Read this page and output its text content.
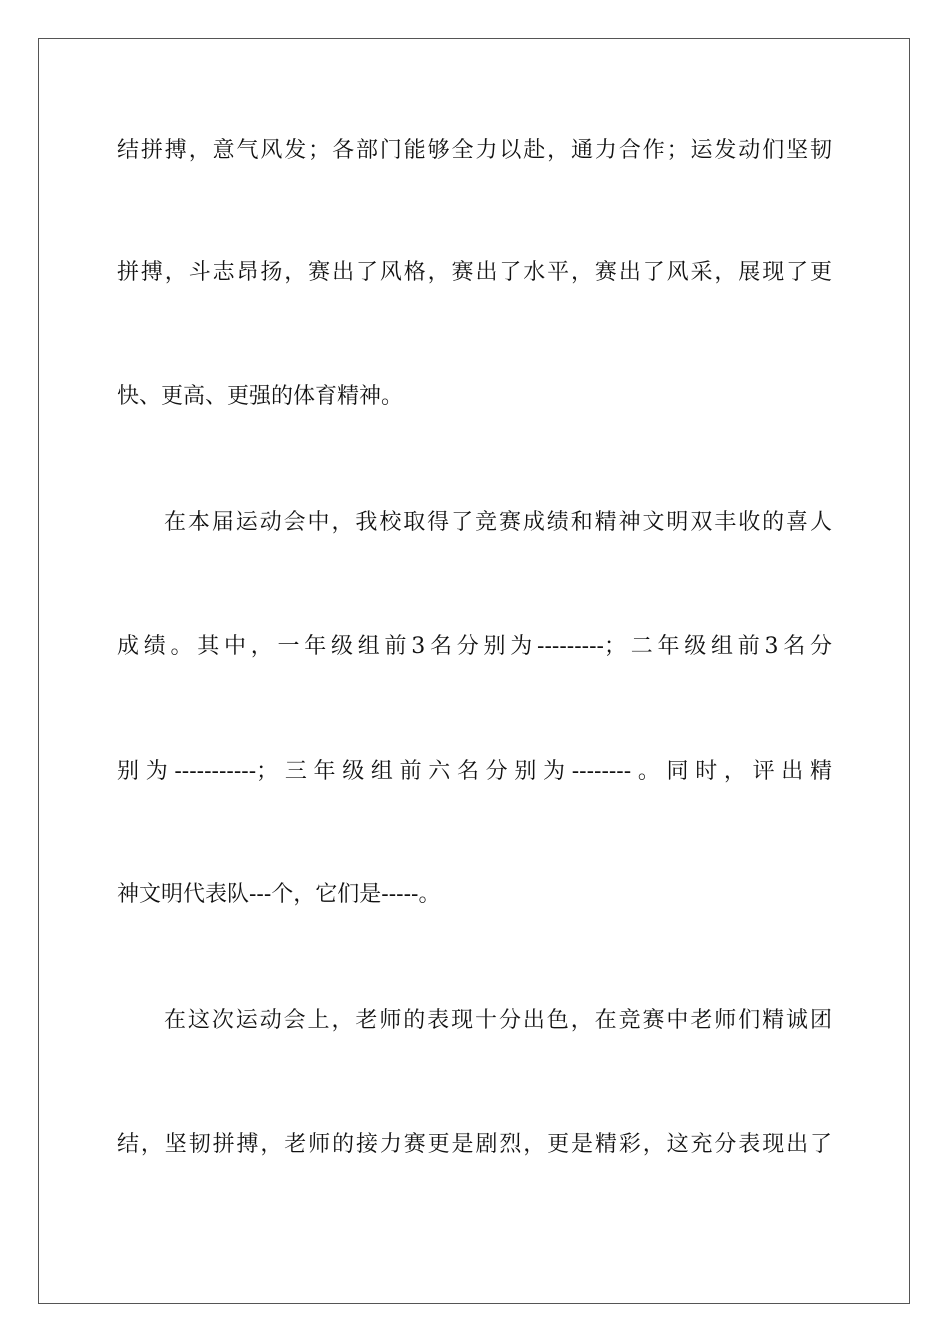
结拼搏，意气风发；各部门能够全力以赴，通力合作；运发动们坚韧
拼搏，斗志昂扬，赛出了风格，赛出了水平，赛出了风采，展现了更
快、更高、更强的体育精神。
在本届运动会中，我校取得了竞赛成绩和精神文明双丰收的喜人
成绩。其中，一年级组前3名分别为---------；二年级组前3名分
别为-----------；三年级组前六名分别为--------。同时，评出精
神文明代表队---个，它们是-----。
在这次运动会上，老师的表现十分出色，在竞赛中老师们精诚团
结，坚韧拼搏，老师的接力赛更是剧烈，更是精彩，这充分表现出了
